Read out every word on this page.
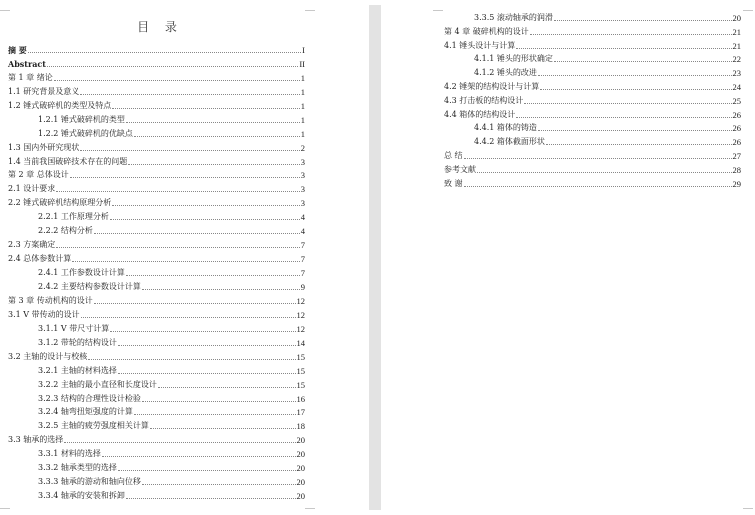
目 录
摘 要	I
Abstract	II
第 1 章 绪论	1
1.1 研究背景及意义	1
1.2 锤式破碎机的类型及特点	1
1.2.1 锤式破碎机的类型	1
1.2.2 锤式破碎机的优缺点	1
1.3 国内外研究现状	2
1.4 当前我国破碎技术存在的问题	3
第 2 章 总体设计	3
2.1 设计要求	3
2.2 锤式破碎机结构原理分析	3
2.2.1 工作原理分析	4
2.2.2 结构分析	4
2.3 方案确定	7
2.4 总体参数计算	7
2.4.1 工作参数设计计算	7
2.4.2 主要结构参数设计计算	9
第 3 章 传动机构的设计	12
3.1 V 带传动的设计	12
3.1.1 V 带尺寸计算	12
3.1.2 带轮的结构设计	14
3.2 主轴的设计与校核	15
3.2.1 主轴的材料选择	15
3.2.2 主轴的最小直径和长度设计	15
3.2.3 结构的合理性设计检验	16
3.2.4 轴弯扭矩强度的计算	17
3.2.5 主轴的疲劳强度相关计算	18
3.3 轴承的选择	20
3.3.1 材料的选择	20
3.3.2 轴承类型的选择	20
3.3.3 轴承的游动和轴向位移	20
3.3.4 轴承的安装和拆卸	20
3.3.5 滚动轴承的润滑	20
第 4 章 破碎机构的设计	21
4.1 锤头设计与计算	21
4.1.1 锤头的形状确定	22
4.1.2 锤头的改进	23
4.2 锤架的结构设计与计算	24
4.3 打击板的结构设计	25
4.4 箱体的结构设计	26
4.4.1 箱体的铸造	26
4.4.2 箱体截面形状	26
总 结	27
参考文献	28
致 谢	29
